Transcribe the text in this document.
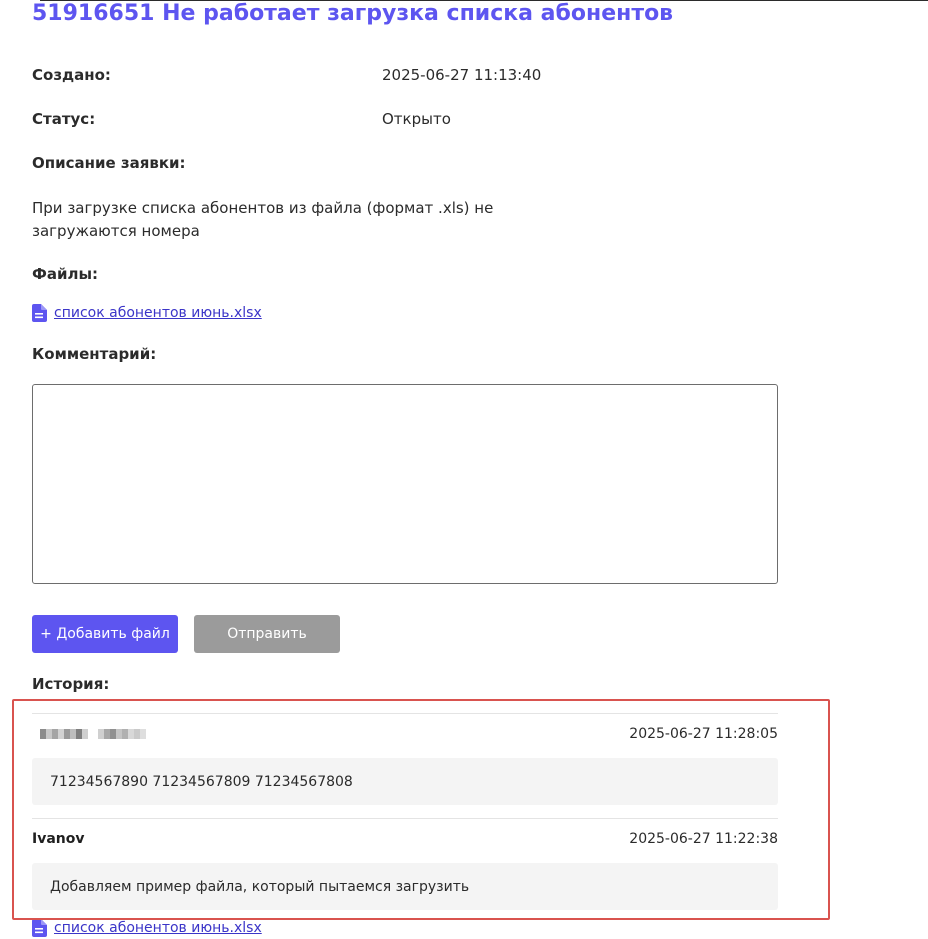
51916651 Не работает загрузка списка абонентов
Создано:	2025-06-27 11:13:40
Статус:	Открыто
Описание заявки:
При загрузке списка абонентов из файла (формат .xls) не загружаются номера
Файлы:
список абонентов июнь.xlsx
Комментарий:
+ Добавить файл	Отправить
История:
2025-06-27 11:28:05
71234567890 71234567809 71234567808
Ivanov	2025-06-27 11:22:38
Добавляем пример файла, который пытаемся загрузить
список абонентов июнь.xlsx
